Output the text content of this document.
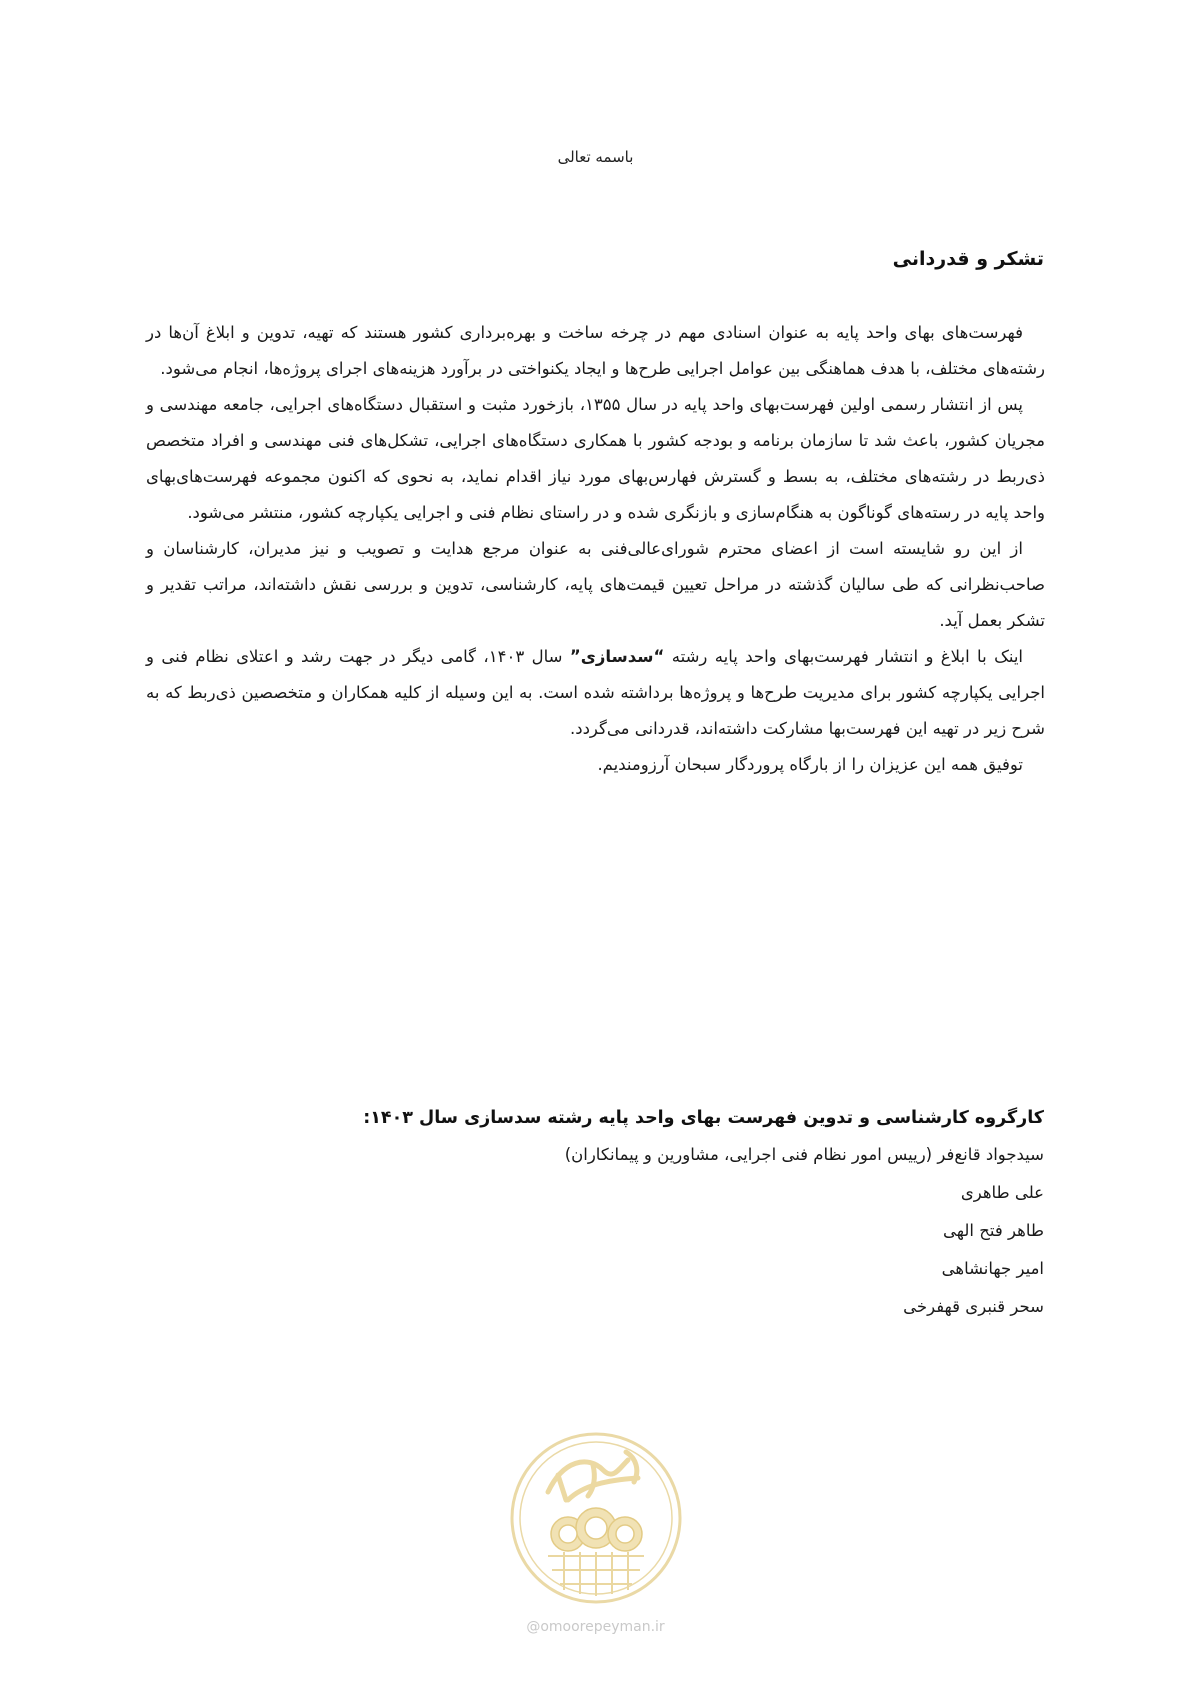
باسمه تعالی
تشکر و قدردانی

فهرست‌های بهای واحد پایه به عنوان اسنادی مهم در چرخه ساخت و بهره‌برداری کشور هستند که تهیه، تدوین و ابلاغ آن‌ها در رشته‌های مختلف، با هدف هماهنگی بین عوامل اجرایی طرح‌ها و ایجاد یکنواختی در برآورد هزینه‌های اجرای پروژه‌ها، انجام می‌شود.

پس از انتشار رسمی اولین فهرست‌بهای واحد پایه در سال ۱۳۵۵، بازخورد مثبت و استقبال دستگاه‌های اجرایی، جامعه مهندسی و مجریان کشور، باعث شد تا سازمان برنامه و بودجه کشور با همکاری دستگاه‌های اجرایی، تشکل‌های فنی مهندسی و افراد متخصص ذی‌ربط در رشته‌های مختلف، به بسط و گسترش فهارس‌بهای مورد نیاز اقدام نماید، به نحوی که اکنون مجموعه فهرست‌های‌بهای واحد پایه در رسته‌های گوناگون به هنگام‌سازی و بازنگری شده و در راستای نظام فنی و اجرایی یکپارچه کشور، منتشر می‌شود.

از این رو شایسته است از اعضای محترم شورای‌عالی‌فنی به عنوان مرجع هدایت و تصویب و نیز مدیران، کارشناسان و صاحب‌نظرانی که طی سالیان گذشته در مراحل تعیین قیمت‌های پایه، کارشناسی، تدوین و بررسی نقش داشته‌اند، مراتب تقدیر و تشکر بعمل آید.

اینک با ابلاغ و انتشار فهرست‌بهای واحد پایه رشته “سدسازی” سال ۱۴۰۳، گامی دیگر در جهت رشد و اعتلای نظام فنی و اجرایی یکپارچه کشور برای مدیریت طرح‌ها و پروژه‌ها برداشته شده است. به این وسیله از کلیه همکاران و متخصصین ذی‌ربط که به شرح زیر در تهیه این فهرست‌بها مشارکت داشته‌اند، قدردانی می‌گردد.

توفیق همه این عزیزان را از بارگاه پروردگار سبحان آرزومندیم.

کارگروه کارشناسی و تدوین فهرست بهای واحد پایه رشته سدسازی سال ۱۴۰۳:
سیدجواد قانع‌فر (رییس امور نظام فنی اجرایی، مشاورین و پیمانکاران)
علی طاهری
طاهر فتح الهی
امیر جهانشاهی
سحر قنبری قهفرخی
@omoorepeyman.ir
